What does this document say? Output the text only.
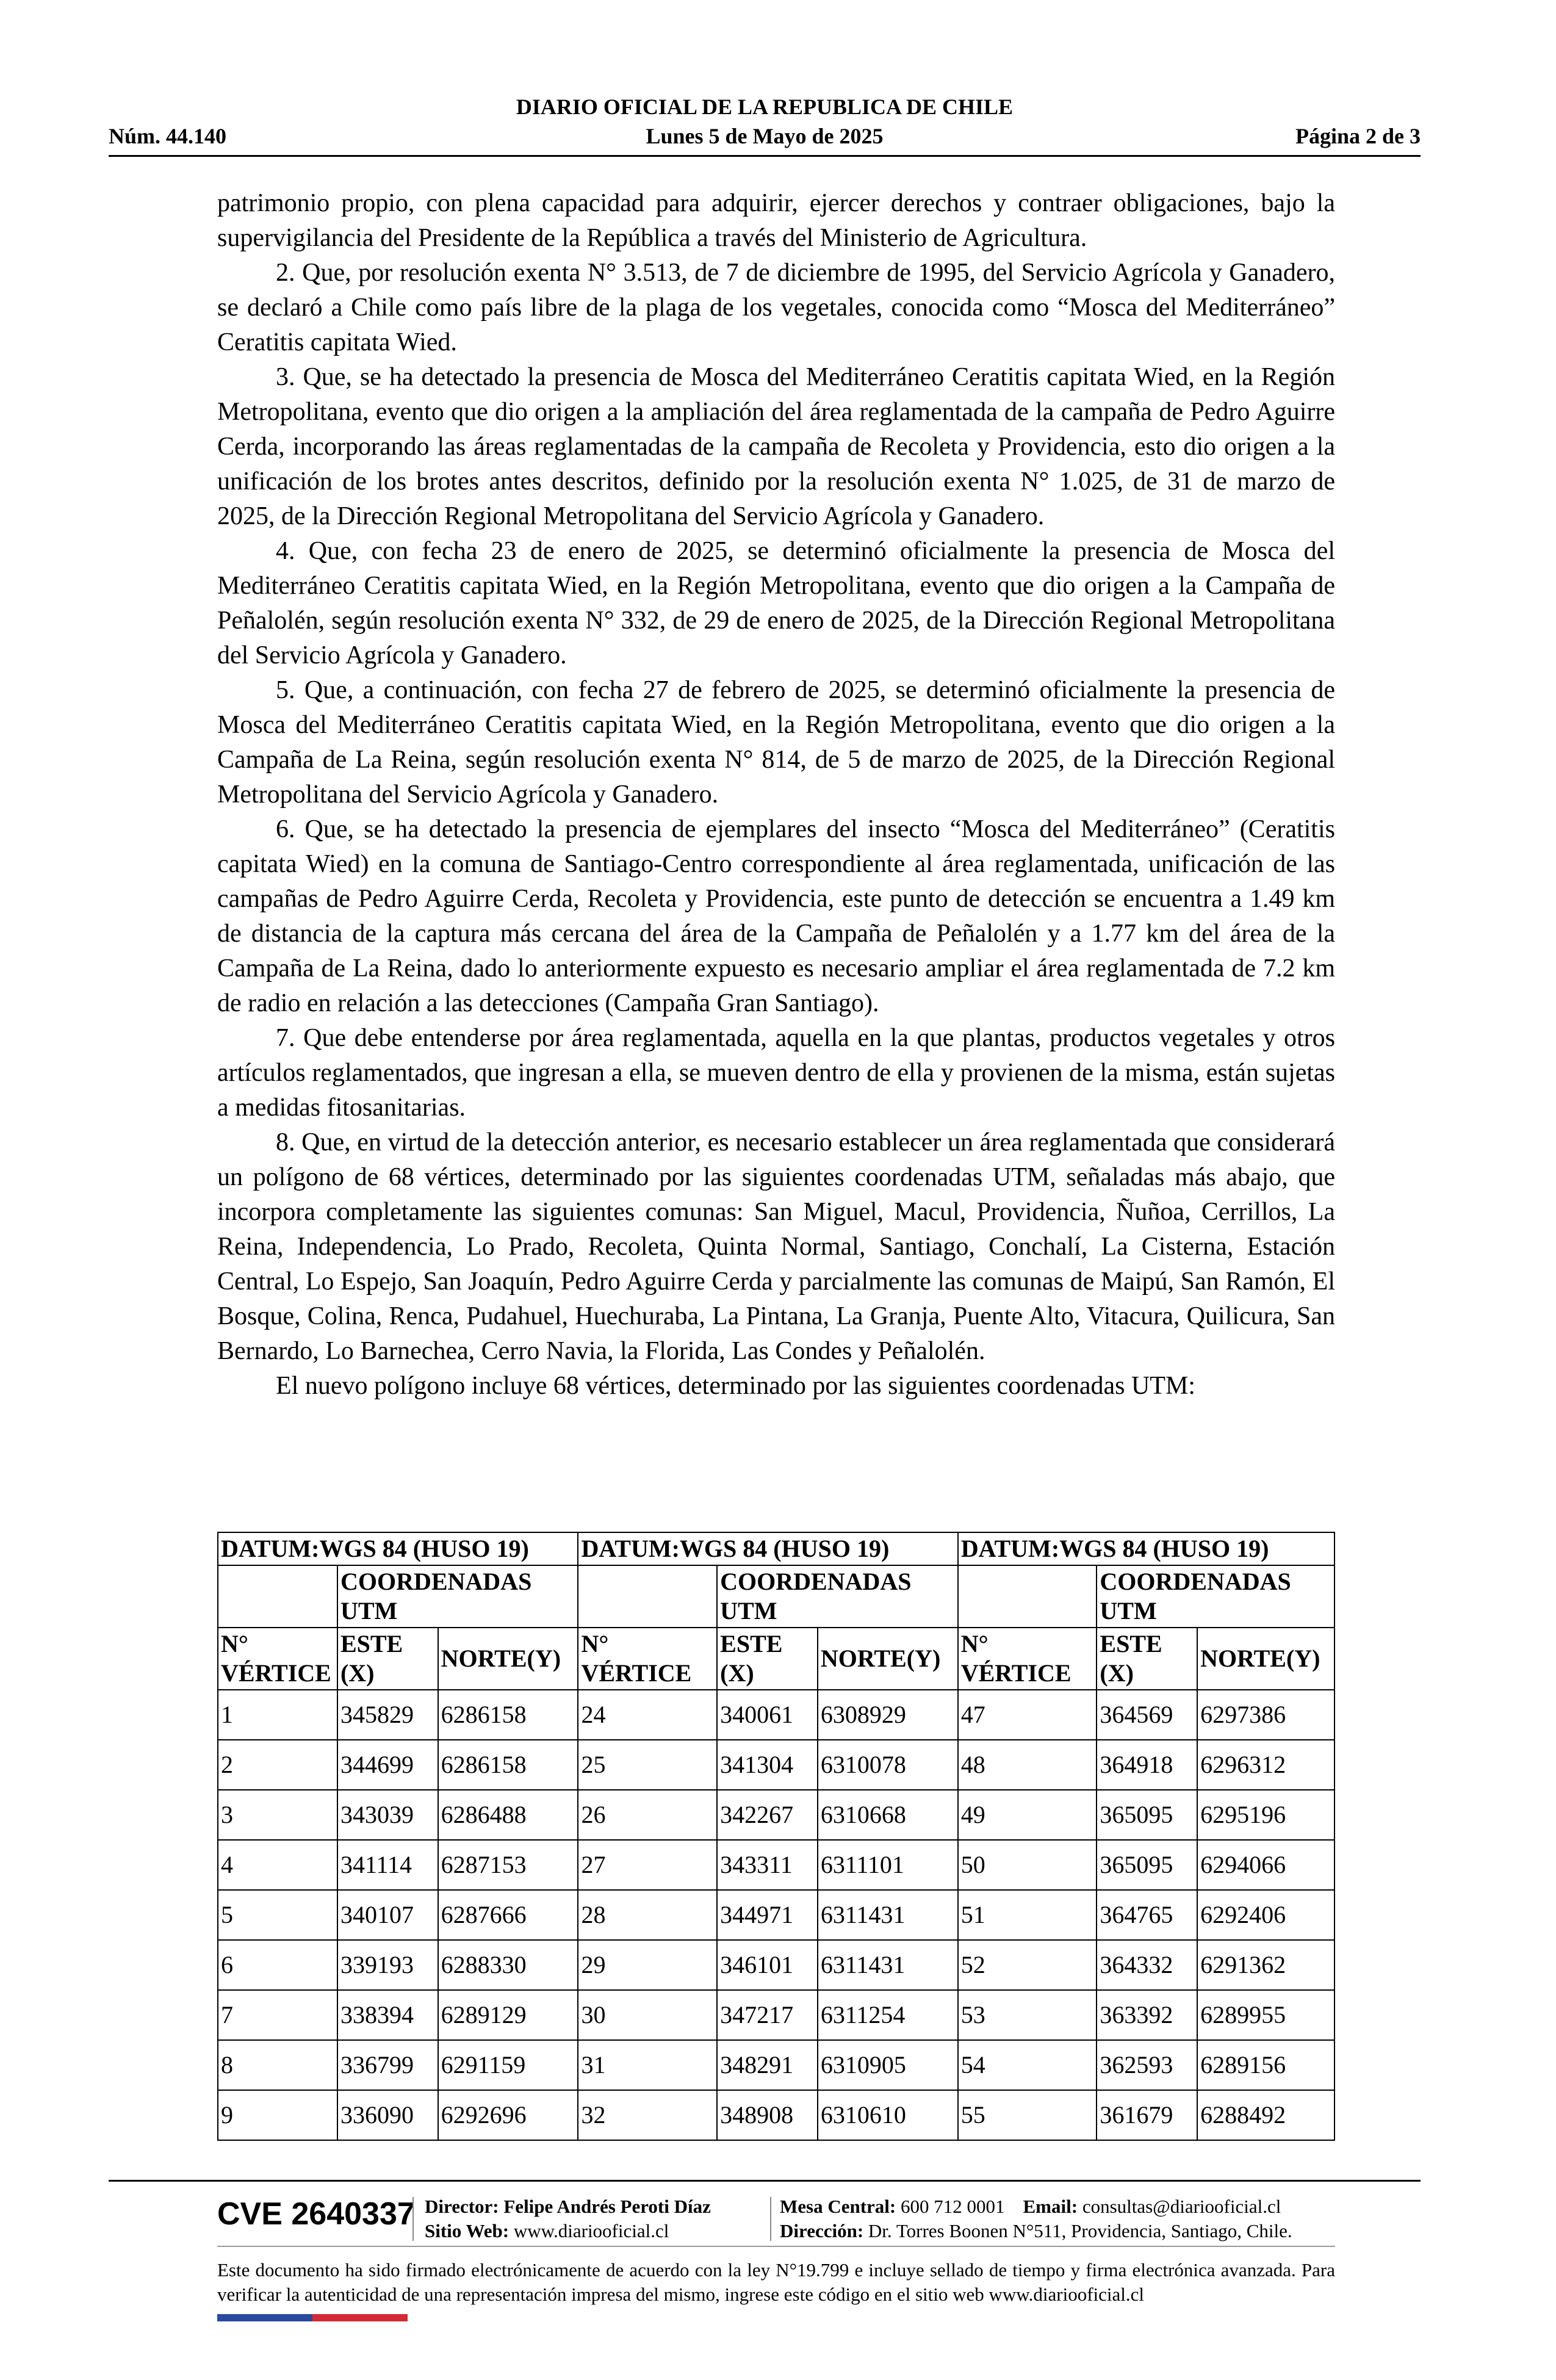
DIARIO OFICIAL DE LA REPUBLICA DE CHILE
Núm. 44.140	Lunes 5 de Mayo de 2025	Página 2 de 3

patrimonio propio, con plena capacidad para adquirir, ejercer derechos y contraer obligaciones, bajo la supervigilancia del Presidente de la República a través del Ministerio de Agricultura.

2. Que, por resolución exenta N° 3.513, de 7 de diciembre de 1995, del Servicio Agrícola y Ganadero, se declaró a Chile como país libre de la plaga de los vegetales, conocida como “Mosca del Mediterráneo” Ceratitis capitata Wied.

3. Que, se ha detectado la presencia de Mosca del Mediterráneo Ceratitis capitata Wied, en la Región Metropolitana, evento que dio origen a la ampliación del área reglamentada de la campaña de Pedro Aguirre Cerda, incorporando las áreas reglamentadas de la campaña de Recoleta y Providencia, esto dio origen a la unificación de los brotes antes descritos, definido por la resolución exenta N° 1.025, de 31 de marzo de 2025, de la Dirección Regional Metropolitana del Servicio Agrícola y Ganadero.

4. Que, con fecha 23 de enero de 2025, se determinó oficialmente la presencia de Mosca del Mediterráneo Ceratitis capitata Wied, en la Región Metropolitana, evento que dio origen a la Campaña de Peñalolén, según resolución exenta N° 332, de 29 de enero de 2025, de la Dirección Regional Metropolitana del Servicio Agrícola y Ganadero.

5. Que, a continuación, con fecha 27 de febrero de 2025, se determinó oficialmente la presencia de Mosca del Mediterráneo Ceratitis capitata Wied, en la Región Metropolitana, evento que dio origen a la Campaña de La Reina, según resolución exenta N° 814, de 5 de marzo de 2025, de la Dirección Regional Metropolitana del Servicio Agrícola y Ganadero.

6. Que, se ha detectado la presencia de ejemplares del insecto “Mosca del Mediterráneo” (Ceratitis capitata Wied) en la comuna de Santiago-Centro correspondiente al área reglamentada, unificación de las campañas de Pedro Aguirre Cerda, Recoleta y Providencia, este punto de detección se encuentra a 1.49 km de distancia de la captura más cercana del área de la Campaña de Peñalolén y a 1.77 km del área de la Campaña de La Reina, dado lo anteriormente expuesto es necesario ampliar el área reglamentada de 7.2 km de radio en relación a las detecciones (Campaña Gran Santiago).

7. Que debe entenderse por área reglamentada, aquella en la que plantas, productos vegetales y otros artículos reglamentados, que ingresan a ella, se mueven dentro de ella y provienen de la misma, están sujetas a medidas fitosanitarias.

8. Que, en virtud de la detección anterior, es necesario establecer un área reglamentada que considerará un polígono de 68 vértices, determinado por las siguientes coordenadas UTM, señaladas más abajo, que incorpora completamente las siguientes comunas: San Miguel, Macul, Providencia, Ñuñoa, Cerrillos, La Reina, Independencia, Lo Prado, Recoleta, Quinta Normal, Santiago, Conchalí, La Cisterna, Estación Central, Lo Espejo, San Joaquín, Pedro Aguirre Cerda y parcialmente las comunas de Maipú, San Ramón, El Bosque, Colina, Renca, Pudahuel, Huechuraba, La Pintana, La Granja, Puente Alto, Vitacura, Quilicura, San Bernardo, Lo Barnechea, Cerro Navia, la Florida, Las Condes y Peñalolén.

El nuevo polígono incluye 68 vértices, determinado por las siguientes coordenadas UTM:

DATUM:WGS 84 (HUSO 19)			DATUM:WGS 84 (HUSO 19)			DATUM:WGS 84 (HUSO 19)		
	COORDENADAS UTM			COORDENADAS UTM			COORDENADAS UTM	
N° VÉRTICE	ESTE (X)	NORTE(Y)	N° VÉRTICE	ESTE (X)	NORTE(Y)	N° VÉRTICE	ESTE (X)	NORTE(Y)
1	345829	6286158	24	340061	6308929	47	364569	6297386
2	344699	6286158	25	341304	6310078	48	364918	6296312
3	343039	6286488	26	342267	6310668	49	365095	6295196
4	341114	6287153	27	343311	6311101	50	365095	6294066
5	340107	6287666	28	344971	6311431	51	364765	6292406
6	339193	6288330	29	346101	6311431	52	364332	6291362
7	338394	6289129	30	347217	6311254	53	363392	6289955
8	336799	6291159	31	348291	6310905	54	362593	6289156
9	336090	6292696	32	348908	6310610	55	361679	6288492
CVE 2640337 Director: Felipe Andrés Peroti Díaz
Sitio Web: www.diariooficial.cl
Mesa Central: 600 712 0001 Email: consultas@diariooficial.cl
Dirección: Dr. Torres Boonen N°511, Providencia, Santiago, Chile.
Este documento ha sido firmado electrónicamente de acuerdo con la ley N°19.799 e incluye sellado de tiempo y firma electrónica avanzada. Para verificar la autenticidad de una representación impresa del mismo, ingrese este código en el sitio web www.diariooficial.cl
